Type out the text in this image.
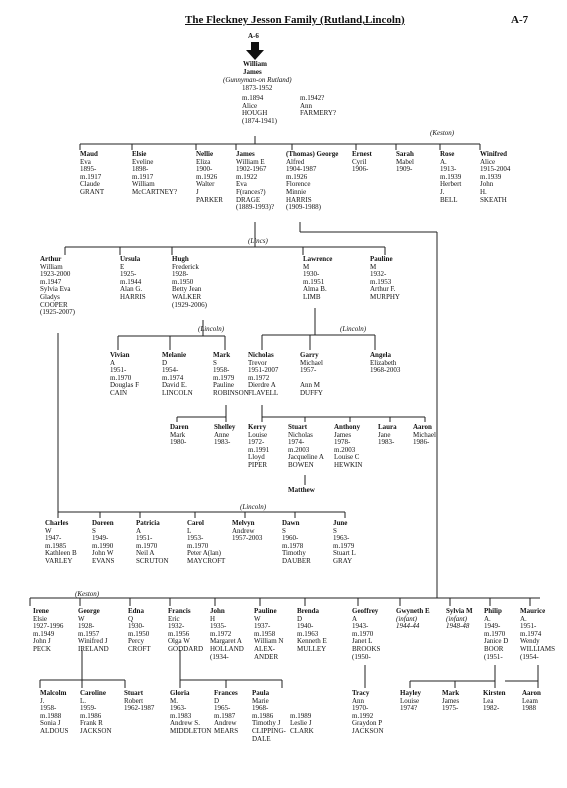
The Fleckney Jesson Family (Rutland,Lincoln)	A-7
A-6
William
James
(Gunnyman-on Rutland)
1873-1952
m.1894
Alice
HOUGH
(1874-1941)
m.1942?
Ann
FARMERY?
(Keston)
Maud
Eva
1895-
m.1917
Claude
GRANT
Elsie
Eveline
1898-
m.1917
William
McCARTNEY?
Nellie
Eliza
1900-
m.1926
Walter
J
PARKER
James
William E
1902-1967
m.1922
Eva
F(rances?)
DRAGE
(1889-1993)?
(Thomas) George
Alfred
1904-1987
m.1926
Florence
Minnie
HARRIS
(1909-1988)
Ernest
Cyril
1906-
Sarah
Mabel
1909-
Rose
A.
1913-
m.1939
Herbert
J.
BELL
Winifred
Alice
1915-2004
m.1939
John
H.
SKEATH
(Lincs)
Arthur
William
1923-2000
m.1947
Sylvia Eva
Gladys
COOPER
(1925-2007)
Ursula
E
1925-
m.1944
Alan G.
HARRIS
Hugh
Frederick
1928-
m.1950
Betty Jean
WALKER
(1929-2006)
Lawrence
M
1930-
m.1951
Alma B.
LIMB
Pauline
M
1932-
m.1953
Arthur F.
MURPHY
(Lincoln)	(Lincoln)
Vivian
A
1951-
m.1970
Douglas F
CAIN
Melanie
D
1954-
m.1974
David E.
LINCOLN
Mark
S
1958-
m.1979
Pauline
ROBINSON
Nicholas
Trevor
1951-2007
m.1972
Dierdre A
FLAVELL
Garry
Michael
1957-

Ann M
DUFFY
Angela
Elizabeth
1968-2003
Daren
Mark
1980-
Shelley
Anne
1983-
Kerry
Louise
1972-
m.1991
Lloyd
PIPER
Stuart
Nicholas
1974-
m.2003
Jacqueline A
BOWEN
Anthony
James
1978-
m.2003
Louise C
HEWKIN
Laura
Jane
1983-
Aaron
Michael
1986-
Matthew
(Lincoln)
Charles
W
1947-
m.1985
Kathleen B
VARLEY
Doreen
S
1949-
m.1990
John W
EVANS
Patricia
A
1951-
m.1970
Neil A
SCRUTON
Carol
L
1953-
m.1970
Peter A(lan)
MAYCROFT
Melvyn
Andrew
1957-2003
Dawn
S
1960-
m.1978
Timothy
DAUBER
June
S
1963-
m.1979
Stuart L
GRAY
(Keston)
Irene
Elsie
1927-1996
m.1949
John J
PECK
George
W
1928-
m.1957
Winifred J
IRELAND
Edna
Q
1930-
m.1950
Percy
CROFT
Francis
Eric
1932-
m.1956
Olga W
GODDARD
John
H
1935-
m.1972
Margaret A
HOLLAND
(1934-
Pauline
W
1937-
m.1958
William N
ALEX-
ANDER
Brenda
D
1940-
m.1963
Kenneth E
MULLEY
Geoffrey
A
1943-
m.1970
Janet L
BROOKS
(1950-
Gwyneth E
(infant)
1944-44
Sylvia M
(infant)
1948-48
Philip
A.
1949-
m.1970
Janice D
BOOR
(1951-
Maurice
A.
1951-
m.1974
Wendy
WILLIAMS
(1954-
Malcolm
J.
1958-
m.1988
Sonia J
ALDOUS
Caroline
L.
1959-
m.1986
Frank R
JACKSON
Stuart
Robert
1962-1987
Gloria
M.
1963-
m.1983
Andrew S.
MIDDLETON
Frances
D
1965-
m.1987
Andrew
MEARS
Paula
Marie
1968-
m.1986
Timothy J
CLIPPING-
DALE

m.1989
Leslie J
CLARK
Tracy
Ann
1970-
m.1992
Graydon P
JACKSON
Hayley
Louise
1974?
Mark
James
1975-
Kirsten
Lea
1982-
Aaron
Leam
1988
